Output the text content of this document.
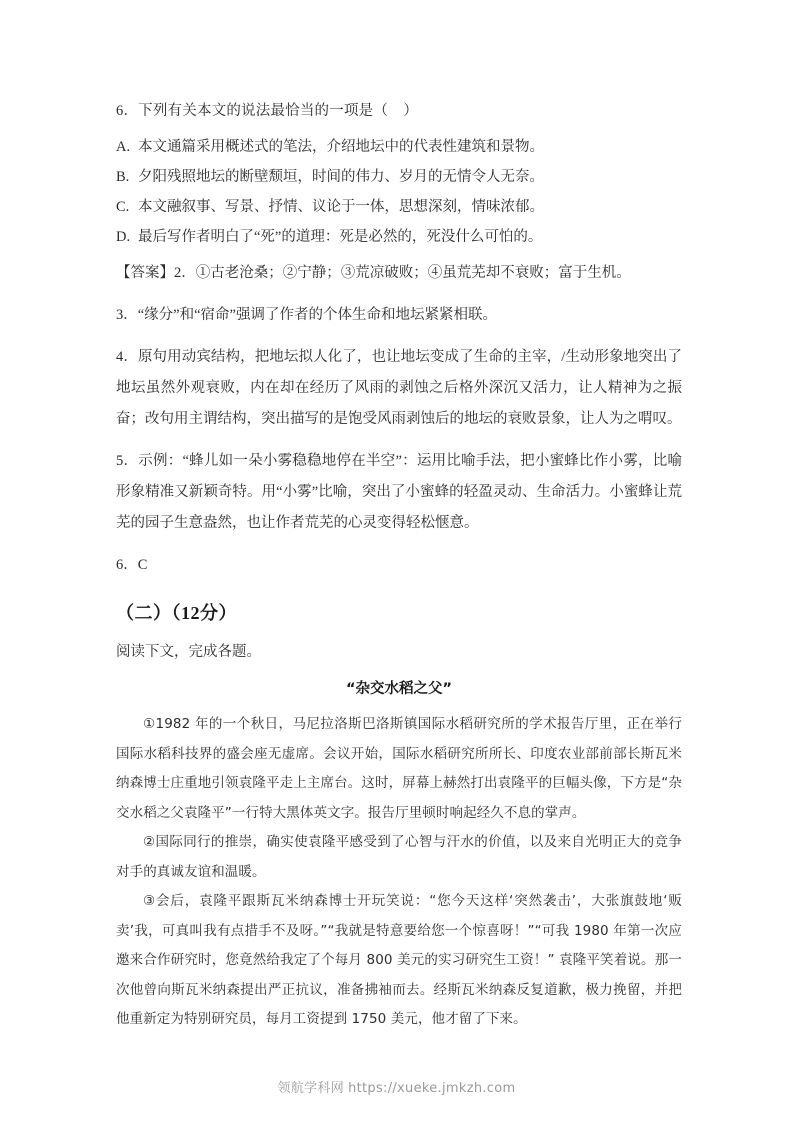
6．下列有关本文的说法最恰当的一项是（    ）

A. 本文通篇采用概述式的笔法，介绍地坛中的代表性建筑和景物。
B. 夕阳残照地坛的断壁颓垣，时间的伟力、岁月的无情令人无奈。
C. 本文融叙事、写景、抒情、议论于一体，思想深刻，情味浓郁。
D. 最后写作者明白了“死”的道理：死是必然的，死没什么可怕的。

【答案】2．①古老沧桑；②宁静；③荒凉破败；④虽荒芜却不衰败；富于生机。

3．“缘分”和“宿命”强调了作者的个体生命和地坛紧紧相联。

4．原句用动宾结构，把地坛拟人化了，也让地坛变成了生命的主宰，/生动形象地突出了地坛虽然外观衰败，内在却在经历了风雨的剥蚀之后格外深沉又活力，让人精神为之振奋；改句用主谓结构，突出描写的是饱受风雨剥蚀后的地坛的衰败景象，让人为之喟叹。

5．示例：“蜂儿如一朵小雾稳稳地停在半空”：运用比喻手法，把小蜜蜂比作小雾，比喻形象精准又新颖奇特。用“小雾”比喻，突出了小蜜蜂的轻盈灵动、生命活力。小蜜蜂让荒芜的园子生意盎然，也让作者荒芜的心灵变得轻松惬意。

6．C

（二）（12分）

阅读下文，完成各题。

“杂交水稻之父”

①1982 年的一个秋日，马尼拉洛斯巴洛斯镇国际水稻研究所的学术报告厅里，正在举行国际水稻科技界的盛会座无虚席。会议开始，国际水稻研究所所长、印度农业部前部长斯瓦米纳森博士庄重地引领袁隆平走上主席台。这时，屏幕上赫然打出袁隆平的巨幅头像，下方是“杂交水稻之父袁隆平”一行特大黑体英文字。报告厅里顿时响起经久不息的掌声。

②国际同行的推崇，确实使袁隆平感受到了心智与汗水的价值，以及来自光明正大的竞争对手的真诚友谊和温暖。

③会后，袁隆平跟斯瓦米纳森博士开玩笑说：“您今天这样‘突然袭击’，大张旗鼓地‘贩卖’我，可真叫我有点措手不及呀。”“我就是特意要给您一个惊喜呀！”“可我 1980 年第一次应邀来合作研究时，您竟然给我定了个每月 800 美元的实习研究生工资！” 袁隆平笑着说。那一次他曾向斯瓦米纳森提出严正抗议，准备拂袖而去。经斯瓦米纳森反复道歉，极力挽留，并把他重新定为特别研究员，每月工资提到 1750 美元，他才留了下来。

领航学科网 https://xueke.jmkzh.com
